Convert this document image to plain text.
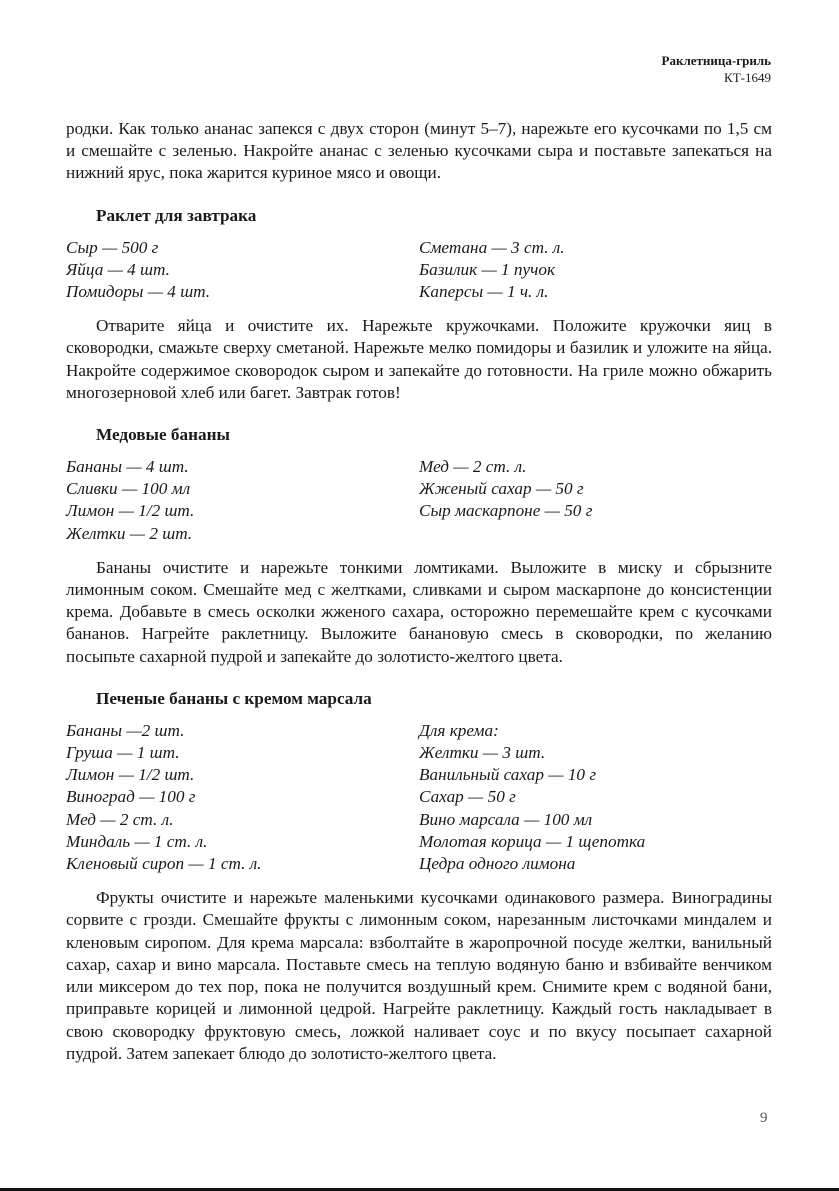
Раклетница-гриль
КТ-1649

родки. Как только ананас запекся с двух сторон (минут 5–7), нарежьте его кусочками по 1,5 см и смешайте с зеленью. Накройте ананас с зеленью кусочками сыра и поставьте запекаться на нижний ярус, пока жарится куриное мясо и овощи.

Раклет для завтрака
Сыр — 500 г
Яйца — 4 шт.
Помидоры — 4 шт.
Сметана — 3 ст. л.
Базилик — 1 пучок
Каперсы — 1 ч. л.

Отварите яйца и очистите их. Нарежьте кружочками. Положите кружочки яиц в сковородки, смажьте сверху сметаной. Нарежьте мелко помидоры и базилик и уложите на яйца. Накройте содержимое сковородок сыром и запекайте до готовности. На гриле можно обжарить многозерновой хлеб или багет. Завтрак готов!

Медовые бананы
Бананы — 4 шт.
Сливки — 100 мл
Лимон — 1/2 шт.
Желтки — 2 шт.
Мед — 2 ст. л.
Жженый сахар — 50 г
Сыр маскарпоне — 50 г

Бананы очистите и нарежьте тонкими ломтиками. Выложите в миску и сбрызните лимонным соком. Смешайте мед с желтками, сливками и сыром маскарпоне до консистенции крема. Добавьте в смесь осколки жженого сахара, осторожно перемешайте крем с кусочками бананов. Нагрейте раклетницу. Выложите банановую смесь в сковородки, по желанию посыпьте сахарной пудрой и запекайте до золотисто-желтого цвета.

Печеные бананы с кремом марсала
Бананы —2 шт.
Груша — 1 шт.
Лимон — 1/2 шт.
Виноград — 100 г
Мед — 2 ст. л.
Миндаль — 1 ст. л.
Кленовый сироп — 1 ст. л.
Для крема:
Желтки — 3 шт.
Ванильный сахар — 10 г
Сахар — 50 г
Вино марсала — 100 мл
Молотая корица — 1 щепотка
Цедра одного лимона

Фрукты очистите и нарежьте маленькими кусочками одинакового размера. Виноградины сорвите с грозди. Смешайте фрукты с лимонным соком, нарезанным листочками миндалем и кленовым сиропом. Для крема марсала: взболтайте в жаропрочной посуде желтки, ванильный сахар, сахар и вино марсала. Поставьте смесь на теплую водяную баню и взбивайте венчиком или миксером до тех пор, пока не получится воздушный крем. Снимите крем с водяной бани, приправьте корицей и лимонной цедрой. Нагрейте раклетницу. Каждый гость накладывает в свою сковородку фруктовую смесь, ложкой наливает соус и по вкусу посыпает сахарной пудрой. Затем запекает блюдо до золотисто-желтого цвета.

9
